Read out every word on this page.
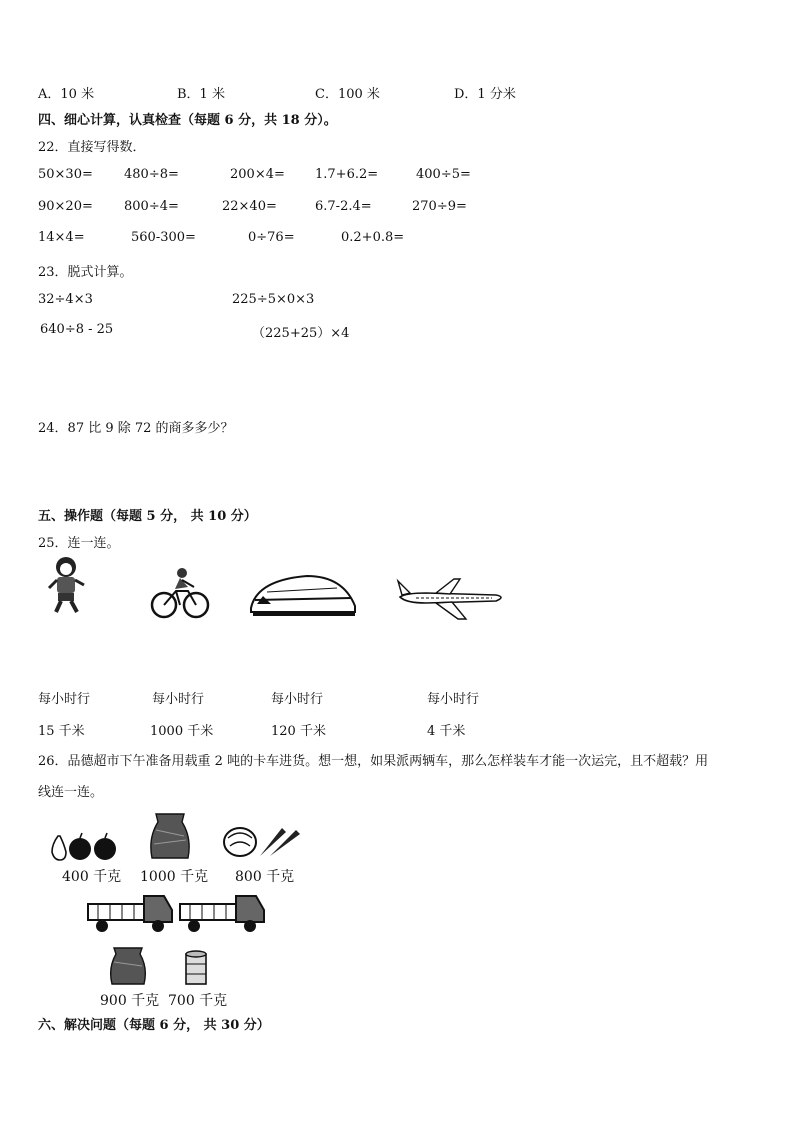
A．10 米	B．1 米	C．100 米	D．1 分米
四、细心计算，认真检查（每题 6 分，共 18 分）。
22．直接写得数．
50×30= 480÷8=	200×4= 1.7+6.2=	400÷5=
90×20= 800÷4=	22×40=	6.7-2.4=	270÷9=
14×4=	560-300=	0÷76=	0.2+0.8=
23．脱式计算。
32÷4×3	225÷5×0×3
640÷8 - 25	（225+25）×4
24．87 比 9 除 72 的商多多少？
五、操作题（每题 5 分， 共 10 分）
25．连一连。
每小时行	每小时行	每小时行	每小时行
15 千米	1000 千米	120 千米	4 千米
26．品德超市下午准备用载重 2 吨的卡车进货。想一想，如果派两辆车，那么怎样装车才能一次运完，且不超载？用
线连一连。
400 千克 1000 千克 800 千克
900 千克 700 千克
六、解决问题（每题 6 分， 共 30 分）
